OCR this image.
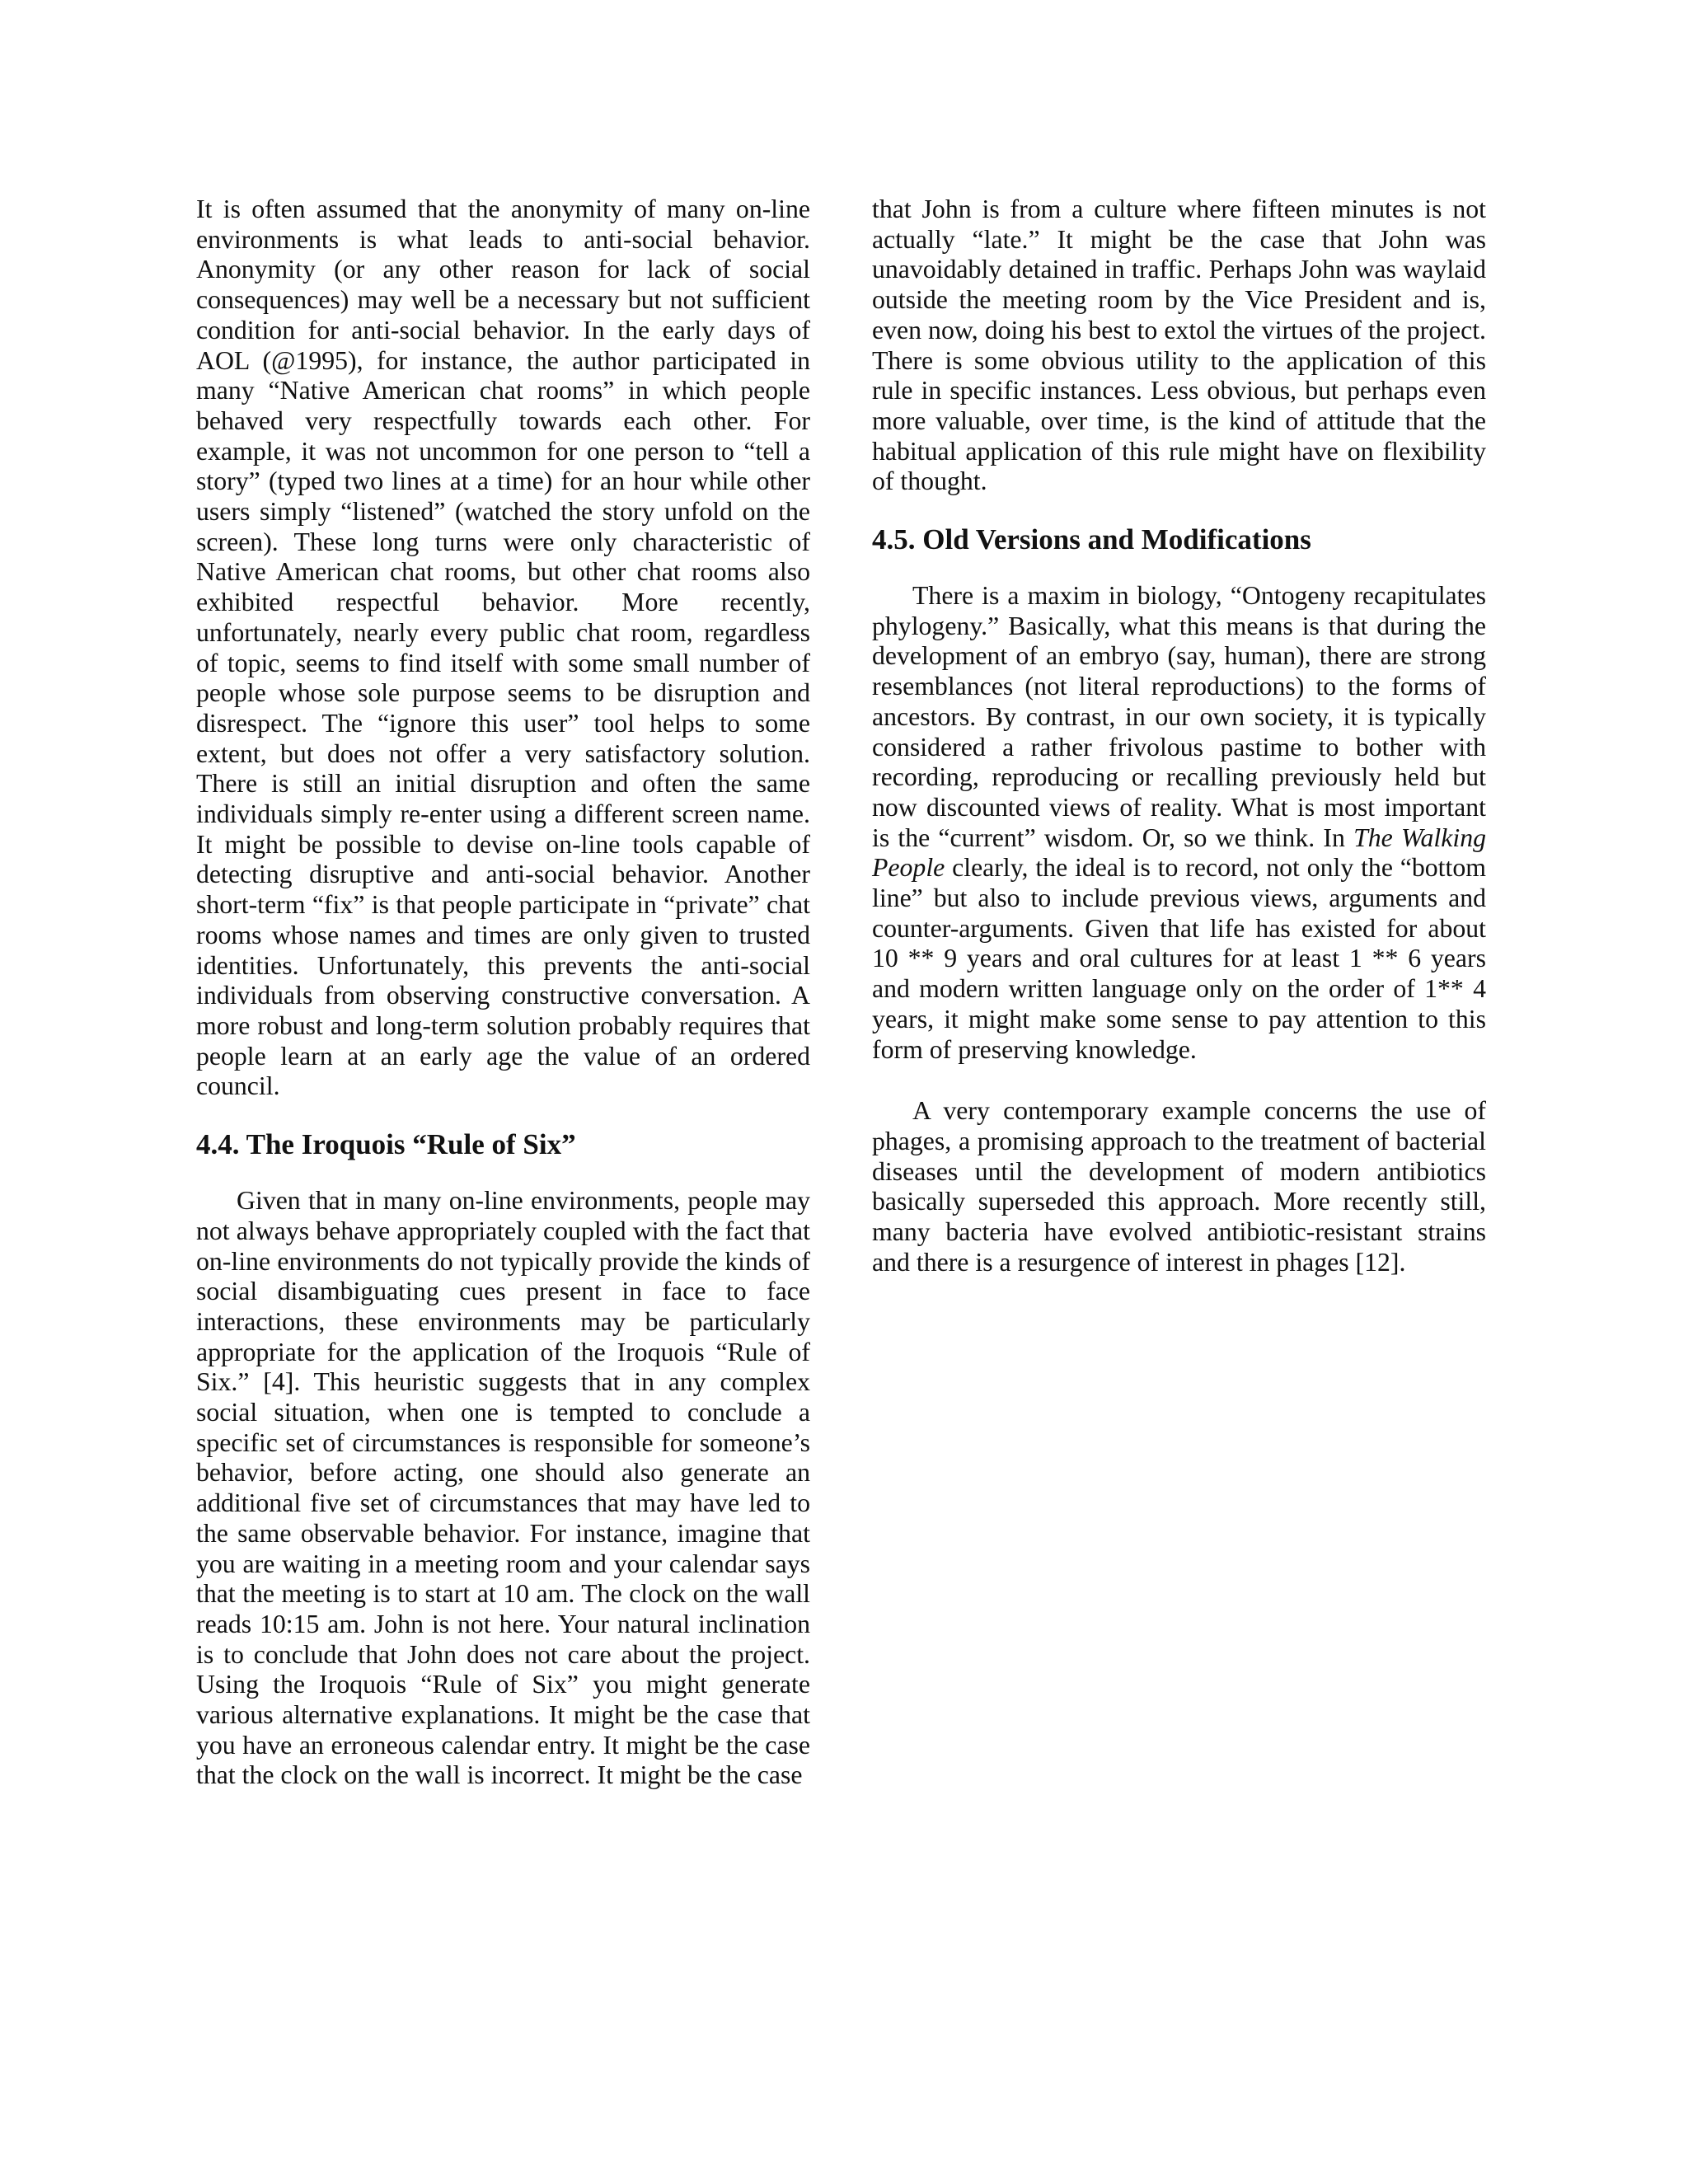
It is often assumed that the anonymity of many on-line environments is what leads to anti-social behavior. Anonymity (or any other reason for lack of social consequences) may well be a necessary but not sufficient condition for anti-social behavior. In the early days of AOL (@1995), for instance, the author participated in many “Native American chat rooms” in which people behaved very respectfully towards each other. For example, it was not uncommon for one person to “tell a story” (typed two lines at a time) for an hour while other users simply “listened” (watched the story unfold on the screen). These long turns were only characteristic of Native American chat rooms, but other chat rooms also exhibited respectful behavior. More recently, unfortunately, nearly every public chat room, regardless of topic, seems to find itself with some small number of people whose sole purpose seems to be disruption and disrespect. The “ignore this user” tool helps to some extent, but does not offer a very satisfactory solution. There is still an initial disruption and often the same individuals simply re-enter using a different screen name. It might be possible to devise on-line tools capable of detecting disruptive and anti-social behavior. Another short-term “fix” is that people participate in “private” chat rooms whose names and times are only given to trusted identities. Unfortunately, this prevents the anti-social individuals from observing constructive conversation. A more robust and long-term solution probably requires that people learn at an early age the value of an ordered council.

4.4. The Iroquois “Rule of Six”

Given that in many on-line environments, people may not always behave appropriately coupled with the fact that on-line environments do not typically provide the kinds of social disambiguating cues present in face to face interactions, these environments may be particularly appropriate for the application of the Iroquois “Rule of Six.” [4]. This heuristic suggests that in any complex social situation, when one is tempted to conclude a specific set of circumstances is responsible for someone’s behavior, before acting, one should also generate an additional five set of circumstances that may have led to the same observable behavior. For instance, imagine that you are waiting in a meeting room and your calendar says that the meeting is to start at 10 am. The clock on the wall reads 10:15 am. John is not here. Your natural inclination is to conclude that John does not care about the project. Using the Iroquois “Rule of Six” you might generate various alternative explanations. It might be the case that you have an erroneous calendar entry. It might be the case that the clock on the wall is incorrect. It might be the case

that John is from a culture where fifteen minutes is not actually “late.” It might be the case that John was unavoidably detained in traffic. Perhaps John was waylaid outside the meeting room by the Vice President and is, even now, doing his best to extol the virtues of the project. There is some obvious utility to the application of this rule in specific instances. Less obvious, but perhaps even more valuable, over time, is the kind of attitude that the habitual application of this rule might have on flexibility of thought.

4.5. Old Versions and Modifications

There is a maxim in biology, “Ontogeny recapitulates phylogeny.” Basically, what this means is that during the development of an embryo (say, human), there are strong resemblances (not literal reproductions) to the forms of ancestors. By contrast, in our own society, it is typically considered a rather frivolous pastime to bother with recording, reproducing or recalling previously held but now discounted views of reality. What is most important is the “current” wisdom. Or, so we think. In The Walking People clearly, the ideal is to record, not only the “bottom line” but also to include previous views, arguments and counter-arguments. Given that life has existed for about 10 ** 9 years and oral cultures for at least 1 ** 6 years and modern written language only on the order of 1** 4 years, it might make some sense to pay attention to this form of preserving knowledge.

A very contemporary example concerns the use of phages, a promising approach to the treatment of bacterial diseases until the development of modern antibiotics basically superseded this approach. More recently still, many bacteria have evolved antibiotic-resistant strains and there is a resurgence of interest in phages [12].
